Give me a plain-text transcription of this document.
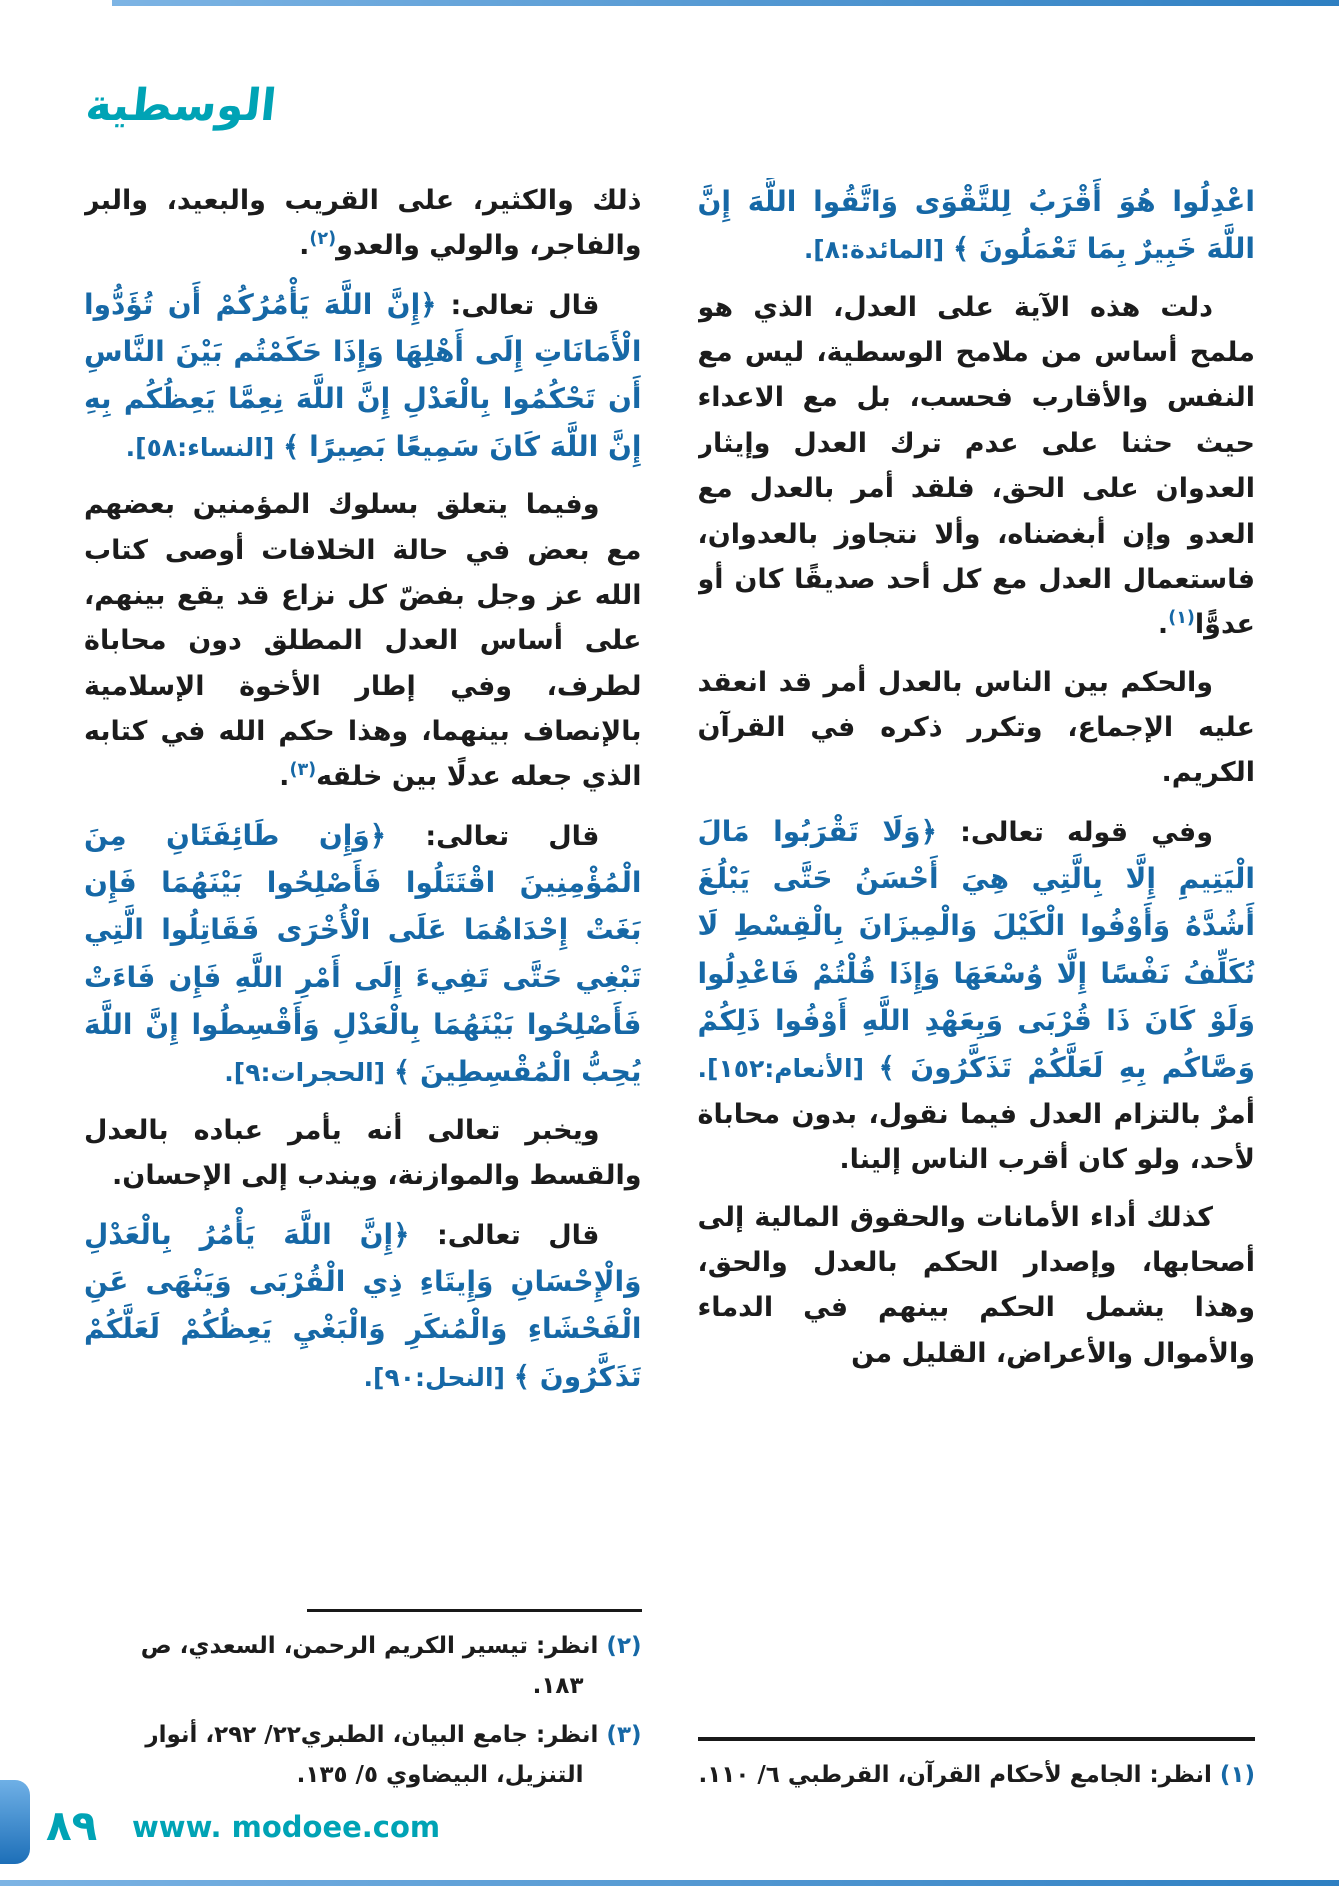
الوسطية

اعْدِلُوا هُوَ أَقْرَبُ لِلتَّقْوَى وَاتَّقُوا اللَّهَ إِنَّ اللَّهَ خَبِيرٌ بِمَا تَعْمَلُونَ ﴾ [المائدة:٨].

دلت هذه الآية على العدل، الذي هو ملمح أساس من ملامح الوسطية، ليس مع النفس والأقارب فحسب، بل مع الاعداء حيث حثنا على عدم ترك العدل وإيثار العدوان على الحق، فلقد أمر بالعدل مع العدو وإن أبغضناه، وألا نتجاوز بالعدوان، فاستعمال العدل مع كل أحد صديقًا كان أو عدوًّا$^{(١)}$.

والحكم بين الناس بالعدل أمر قد انعقد عليه الإجماع، وتكرر ذكره في القرآن الكريم.

وفي قوله تعالى: ﴿وَلَا تَقْرَبُوا مَالَ الْيَتِيمِ إِلَّا بِالَّتِي هِيَ أَحْسَنُ حَتَّى يَبْلُغَ أَشُدَّهُ وَأَوْفُوا الْكَيْلَ وَالْمِيزَانَ بِالْقِسْطِ لَا نُكَلِّفُ نَفْسًا إِلَّا وُسْعَهَا وَإِذَا قُلْتُمْ فَاعْدِلُوا وَلَوْ كَانَ ذَا قُرْبَى وَبِعَهْدِ اللَّهِ أَوْفُوا ذَلِكُمْ وَصَّاكُم بِهِ لَعَلَّكُمْ تَذَكَّرُونَ ﴾ [الأنعام:١٥٢]. أمرٌ بالتزام العدل فيما نقول، بدون محاباة لأحد، ولو كان أقرب الناس إلينا.

كذلك أداء الأمانات والحقوق المالية إلى أصحابها، وإصدار الحكم بالعدل والحق، وهذا يشمل الحكم بينهم في الدماء والأموال والأعراض، القليل من

(١) انظر: الجامع لأحكام القرآن، القرطبي ٦/ ١١٠.

ذلك والكثير، على القريب والبعيد، والبر والفاجر، والولي والعدو$^{(٢)}$.

قال تعالى: ﴿إِنَّ اللَّهَ يَأْمُرُكُمْ أَن تُؤَدُّوا الْأَمَانَاتِ إِلَى أَهْلِهَا وَإِذَا حَكَمْتُم بَيْنَ النَّاسِ أَن تَحْكُمُوا بِالْعَدْلِ إِنَّ اللَّهَ نِعِمَّا يَعِظُكُم بِهِ إِنَّ اللَّهَ كَانَ سَمِيعًا بَصِيرًا ﴾ [النساء:٥٨].

وفيما يتعلق بسلوك المؤمنين بعضهم مع بعض في حالة الخلافات أوصى كتاب الله عز وجل بفضّ كل نزاع قد يقع بينهم، على أساس العدل المطلق دون محاباة لطرف، وفي إطار الأخوة الإسلامية بالإنصاف بينهما، وهذا حكم الله في كتابه الذي جعله عدلًا بين خلقه$^{(٣)}$.

قال تعالى: ﴿وَإِن طَائِفَتَانِ مِنَ الْمُؤْمِنِينَ اقْتَتَلُوا فَأَصْلِحُوا بَيْنَهُمَا فَإِن بَغَتْ إِحْدَاهُمَا عَلَى الْأُخْرَى فَقَاتِلُوا الَّتِي تَبْغِي حَتَّى تَفِيءَ إِلَى أَمْرِ اللَّهِ فَإِن فَاءَتْ فَأَصْلِحُوا بَيْنَهُمَا بِالْعَدْلِ وَأَقْسِطُوا إِنَّ اللَّهَ يُحِبُّ الْمُقْسِطِينَ ﴾ [الحجرات:٩].

ويخبر تعالى أنه يأمر عباده بالعدل والقسط والموازنة، ويندب إلى الإحسان.

قال تعالى: ﴿إِنَّ اللَّهَ يَأْمُرُ بِالْعَدْلِ وَالْإِحْسَانِ وَإِيتَاءِ ذِي الْقُرْبَى وَيَنْهَى عَنِ الْفَحْشَاءِ وَالْمُنكَرِ وَالْبَغْيِ يَعِظُكُمْ لَعَلَّكُمْ تَذَكَّرُونَ ﴾ [النحل:٩٠].

(٢) انظر: تيسير الكريم الرحمن، السعدي، ص ١٨٣.

(٣) انظر: جامع البيان، الطبري٢٢/ ٢٩٢، أنوار التنزيل، البيضاوي ٥/ ١٣٥.

٨٩ www. modoee.com
